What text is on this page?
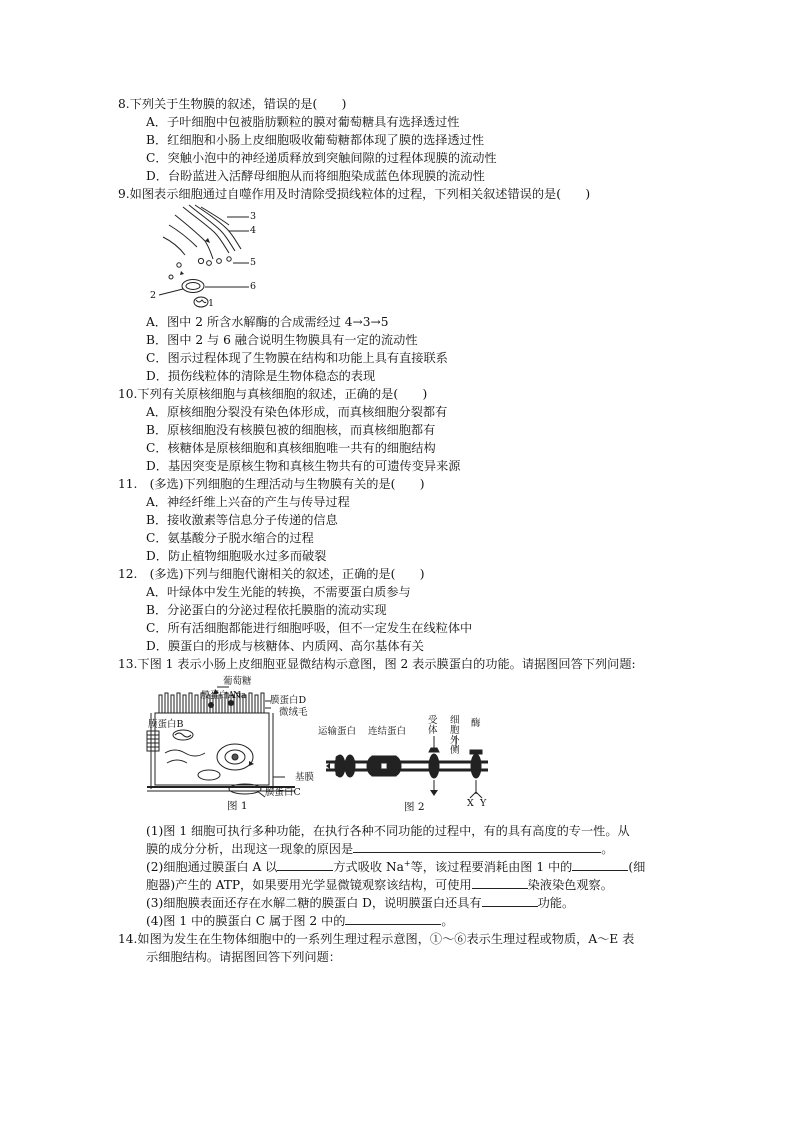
8.下列关于生物膜的叙述，错误的是(　　)
A．子叶细胞中包被脂肪颗粒的膜对葡萄糖具有选择透过性
B．红细胞和小肠上皮细胞吸收葡萄糖都体现了膜的选择透过性
C．突触小泡中的神经递质释放到突触间隙的过程体现膜的流动性
D．台盼蓝进入活酵母细胞从而将细胞染成蓝色体现膜的流动性
9.如图表示细胞通过自噬作用及时清除受损线粒体的过程，下列相关叙述错误的是(　　)
3
4
5
6
2
1
A．图中 2 所含水解酶的合成需经过 4→3→5
B．图中 2 与 6 融合说明生物膜具有一定的流动性
C．图示过程体现了生物膜在结构和功能上具有直接联系
D．损伤线粒体的清除是生物体稳态的表现
10.下列有关原核细胞与真核细胞的叙述，正确的是(　　)
A．原核细胞分裂没有染色体形成，而真核细胞分裂都有
B．原核细胞没有核膜包被的细胞核，而真核细胞都有
C．核糖体是原核细胞和真核细胞唯一共有的细胞结构
D．基因突变是原核生物和真核生物共有的可遗传变异来源
11.　(多选)下列细胞的生理活动与生物膜有关的是(　　)
A．神经纤维上兴奋的产生与传导过程
B．接收激素等信息分子传递的信息
C．氨基酸分子脱水缩合的过程
D．防止植物细胞吸水过多而破裂
12.　(多选)下列与细胞代谢相关的叙述，正确的是(　　)
A．叶绿体中发生光能的转换，不需要蛋白质参与
B．分泌蛋白的分泌过程依托膜脂的流动实现
C．所有活细胞都能进行细胞呼吸，但不一定发生在线粒体中
D．膜蛋白的形成与核糖体、内质网、高尔基体有关
13.下图 1 表示小肠上皮细胞亚显微结构示意图，图 2 表示膜蛋白的功能。请据图回答下列问题:
葡萄糖
膜蛋白A
Na	膜蛋白D
微绒毛
膜蛋白B
基膜
膜蛋白C
图 1
运输蛋白 连结蛋白
受体
细胞外侧
酶
X Y
图 2
(1)图 1 细胞可执行多种功能，在执行各种不同功能的过程中，有的具有高度的专一性。从
膜的成分分析，出现这一现象的原因是	。
(2)细胞通过膜蛋白 A 以	方式吸收 Na+等，该过程要消耗由图 1 中的	(细
胞器)产生的 ATP，如果要用光学显微镜观察该结构，可使用	染液染色观察。
(3)细胞膜表面还存在水解二糖的膜蛋白 D，说明膜蛋白还具有	功能。
(4)图 1 中的膜蛋白 C 属于图 2 中的	。
14.如图为发生在生物体细胞中的一系列生理过程示意图，①～⑥表示生理过程或物质，A～E 表
示细胞结构。请据图回答下列问题：
